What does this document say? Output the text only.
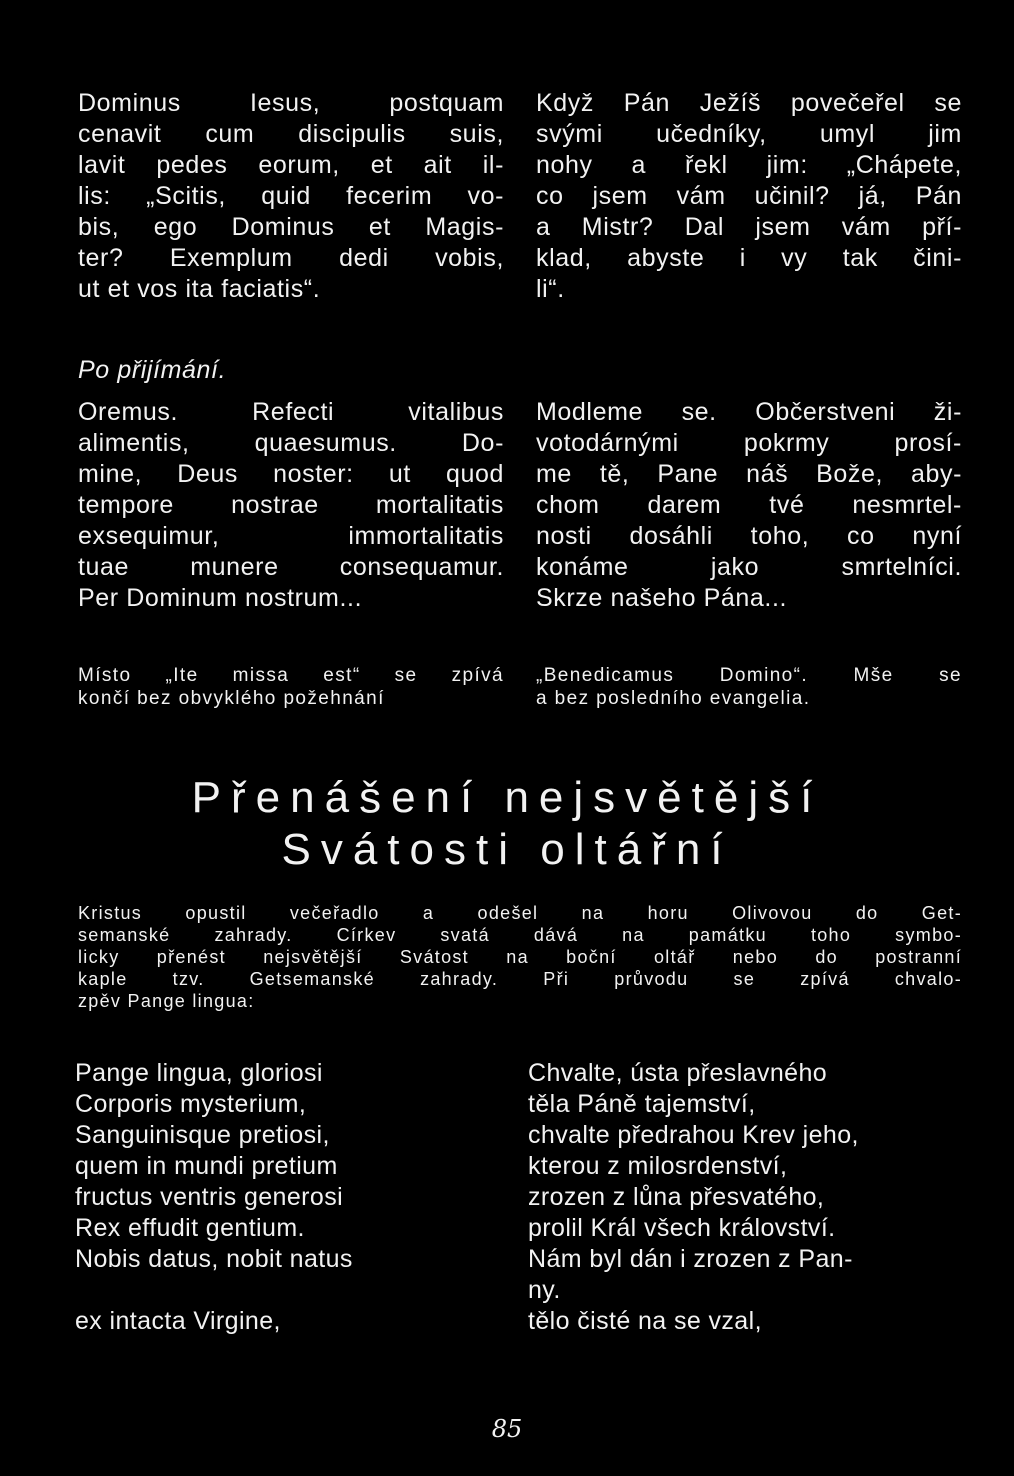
Dominus Iesus, postquam
cenavit cum discipulis suis,
lavit pedes eorum, et ait il-
lis: „Scitis, quid fecerim vo-
bis, ego Dominus et Magis-
ter? Exemplum dedi vobis,
ut et vos ita faciatis“.
Když Pán Ježíš povečeřel se
svými učedníky, umyl jim
nohy a řekl jim: „Chápete,
co jsem vám učinil? já, Pán
a Mistr? Dal jsem vám pří-
klad, abyste i vy tak čini-
li“.
Po přijímání.
Oremus. Refecti vitalibus
alimentis, quaesumus. Do-
mine, Deus noster: ut quod
tempore nostrae mortalitatis
exsequimur, immortalitatis
tuae munere consequamur.
Per Dominum nostrum...
Modleme se. Občerstveni ži-
votodárnými pokrmy prosí-
me tě, Pane náš Bože, aby-
chom darem tvé nesmrtel-
nosti dosáhli toho, co nyní
konáme jako smrtelníci.
Skrze našeho Pána...
Místo „Ite missa est“ se zpívá
končí bez obvyklého požehnání
„Benedicamus Domino“. Mše se
a bez posledního evangelia.
Přenášení nejsvětější
Svátosti oltářní
Kristus opustil večeřadlo a odešel na horu Olivovou do Get-
semanské zahrady. Církev svatá dává na památku toho symbo-
licky přenést nejsvětější Svátost na boční oltář nebo do postranní
kaple tzv. Getsemanské zahrady. Při průvodu se zpívá chvalo-
zpěv Pange lingua:
Pange lingua, gloriosi
Corporis mysterium,
Sanguinisque pretiosi,
quem in mundi pretium
fructus ventris generosi
Rex effudit gentium.
Nobis datus, nobit natus

ex intacta Virgine,
Chvalte, ústa přeslavného
těla Páně tajemství,
chvalte předrahou Krev jeho,
kterou z milosrdenství,
zrozen z lůna přesvatého,
prolil Král všech království.
Nám byl dán i zrozen z Pan-
ny.
tělo čisté na se vzal,
85
